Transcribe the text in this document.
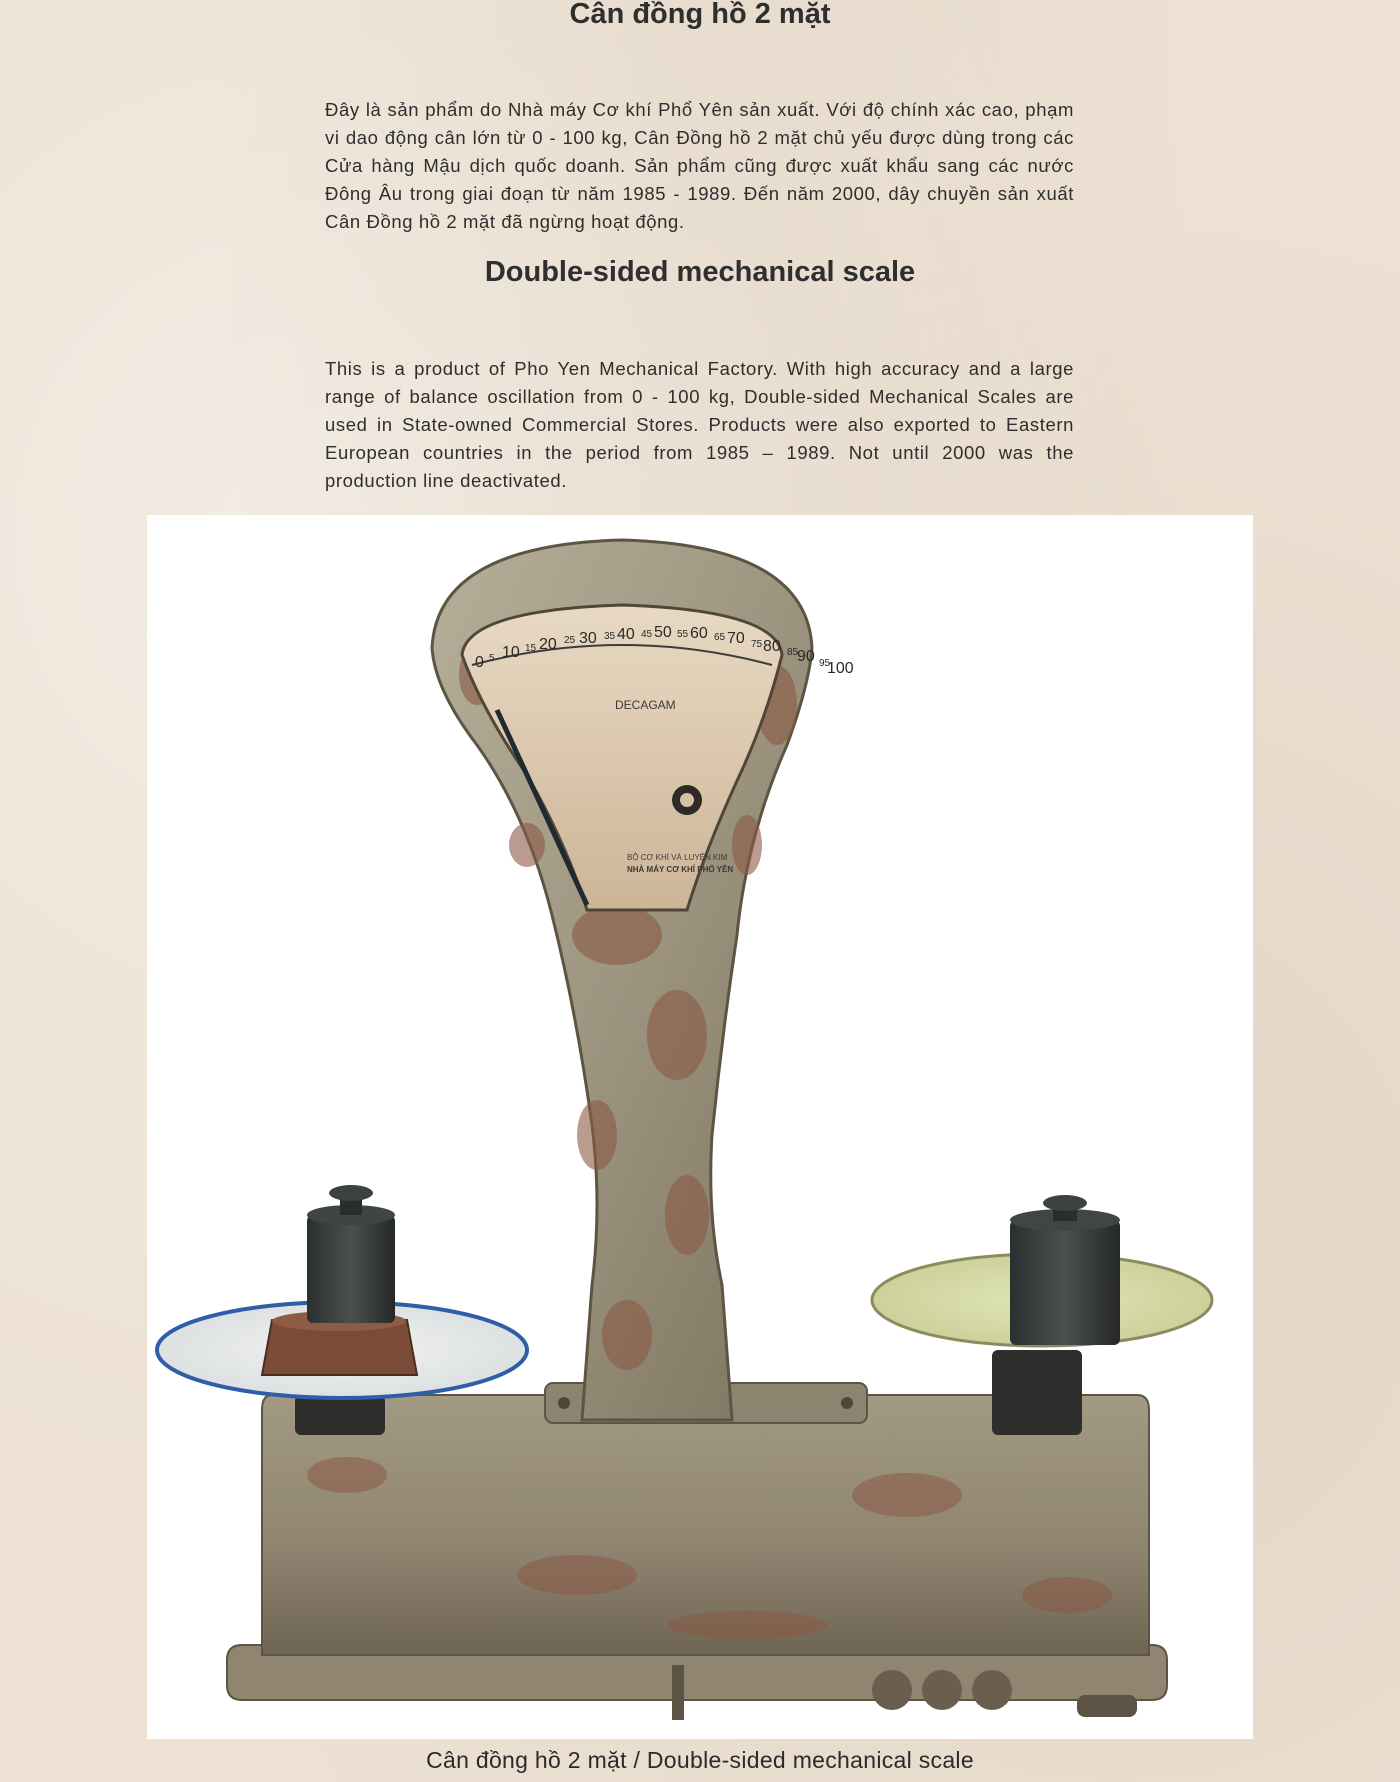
Cân đồng hồ 2 mặt

Đây là sản phẩm do Nhà máy Cơ khí Phổ Yên sản xuất. Với độ chính xác cao, phạm vi dao động cân lớn từ 0 - 100 kg, Cân Đồng hồ 2 mặt chủ yếu được dùng trong các Cửa hàng Mậu dịch quốc doanh. Sản phẩm cũng được xuất khẩu sang các nước Đông Âu trong giai đoạn từ năm 1985 - 1989. Đến năm 2000, dây chuyền sản xuất Cân Đồng hồ 2 mặt đã ngừng hoạt động.

Double-sided mechanical scale

This is a product of Pho Yen Mechanical Factory. With high accuracy and a large range of balance oscillation from 0 - 100 kg, Double-sided Mechanical Scales are used in State-owned Commercial Stores. Products were also exported to Eastern European countries in the period from 1985 – 1989. Not until 2000 was the production line deactivated.

0 5 10 15 20 25 30 35 40 45 50 55 60 65 70 75 80 85
90 95
100
DECAGAM
BỘ CƠ KHÍ VÀ LUYỆN KIM
NHÀ MÁY CƠ KHÍ PHỔ YÊN

Cân đồng hồ 2 mặt / Double-sided mechanical scale
